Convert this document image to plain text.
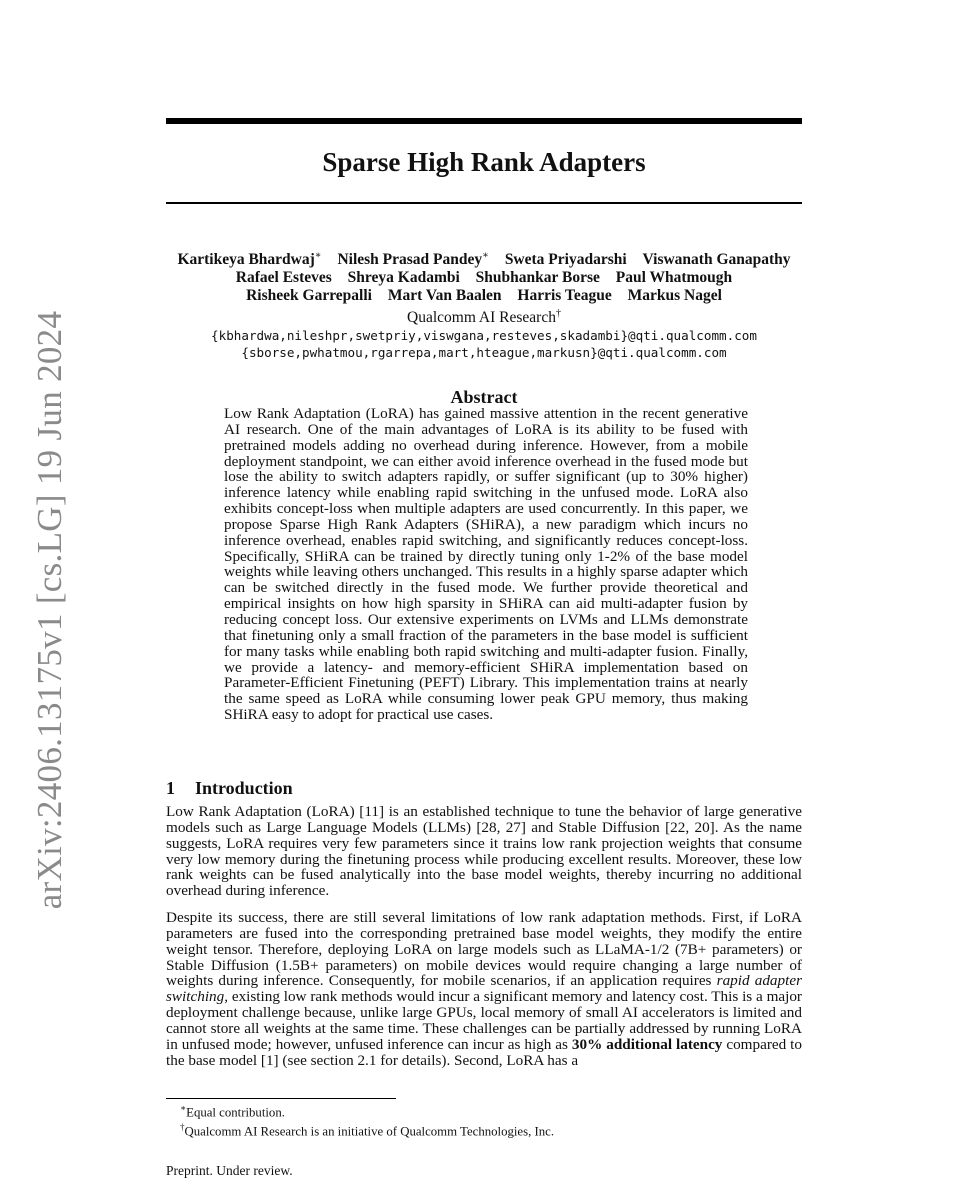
arXiv:2406.13175v1 [cs.LG] 19 Jun 2024
Sparse High Rank Adapters
Kartikeya Bhardwaj∗ Nilesh Prasad Pandey∗ Sweta Priyadarshi Viswanath Ganapathy
Rafael Esteves Shreya Kadambi Shubhankar Borse Paul Whatmough
Risheek Garrepalli Mart Van Baalen Harris Teague Markus Nagel
Qualcomm AI Research†
{kbhardwa,nileshpr,swetpriy,viswgana,resteves,skadambi}@qti.qualcomm.com
{sborse,pwhatmou,rgarrepa,mart,hteague,markusn}@qti.qualcomm.com
Abstract

Low Rank Adaptation (LoRA) has gained massive attention in the recent generative AI research. One of the main advantages of LoRA is its ability to be fused with pretrained models adding no overhead during inference. However, from a mobile deployment standpoint, we can either avoid inference overhead in the fused mode but lose the ability to switch adapters rapidly, or suffer significant (up to 30% higher) inference latency while enabling rapid switching in the unfused mode. LoRA also exhibits concept-loss when multiple adapters are used concurrently. In this paper, we propose Sparse High Rank Adapters (SHiRA), a new paradigm which incurs no inference overhead, enables rapid switching, and significantly reduces concept-loss. Specifically, SHiRA can be trained by directly tuning only 1-2% of the base model weights while leaving others unchanged. This results in a highly sparse adapter which can be switched directly in the fused mode. We further provide theoretical and empirical insights on how high sparsity in SHiRA can aid multi-adapter fusion by reducing concept loss. Our extensive experiments on LVMs and LLMs demonstrate that finetuning only a small fraction of the parameters in the base model is sufficient for many tasks while enabling both rapid switching and multi-adapter fusion. Finally, we provide a latency- and memory-efficient SHiRA implementation based on Parameter-Efficient Finetuning (PEFT) Library. This implementation trains at nearly the same speed as LoRA while consuming lower peak GPU memory, thus making SHiRA easy to adopt for practical use cases.

1 Introduction

Low Rank Adaptation (LoRA) [11] is an established technique to tune the behavior of large generative models such as Large Language Models (LLMs) [28, 27] and Stable Diffusion [22, 20]. As the name suggests, LoRA requires very few parameters since it trains low rank projection weights that consume very low memory during the finetuning process while producing excellent results. Moreover, these low rank weights can be fused analytically into the base model weights, thereby incurring no additional overhead during inference.

Despite its success, there are still several limitations of low rank adaptation methods. First, if LoRA parameters are fused into the corresponding pretrained base model weights, they modify the entire weight tensor. Therefore, deploying LoRA on large models such as LLaMA-1/2 (7B+ parameters) or Stable Diffusion (1.5B+ parameters) on mobile devices would require changing a large number of weights during inference. Consequently, for mobile scenarios, if an application requires rapid adapter switching, existing low rank methods would incur a significant memory and latency cost. This is a major deployment challenge because, unlike large GPUs, local memory of small AI accelerators is limited and cannot store all weights at the same time. These challenges can be partially addressed by running LoRA in unfused mode; however, unfused inference can incur as high as 30% additional latency compared to the base model [1] (see section 2.1 for details). Second, LoRA has a

∗Equal contribution.

†Qualcomm AI Research is an initiative of Qualcomm Technologies, Inc.

Preprint. Under review.
